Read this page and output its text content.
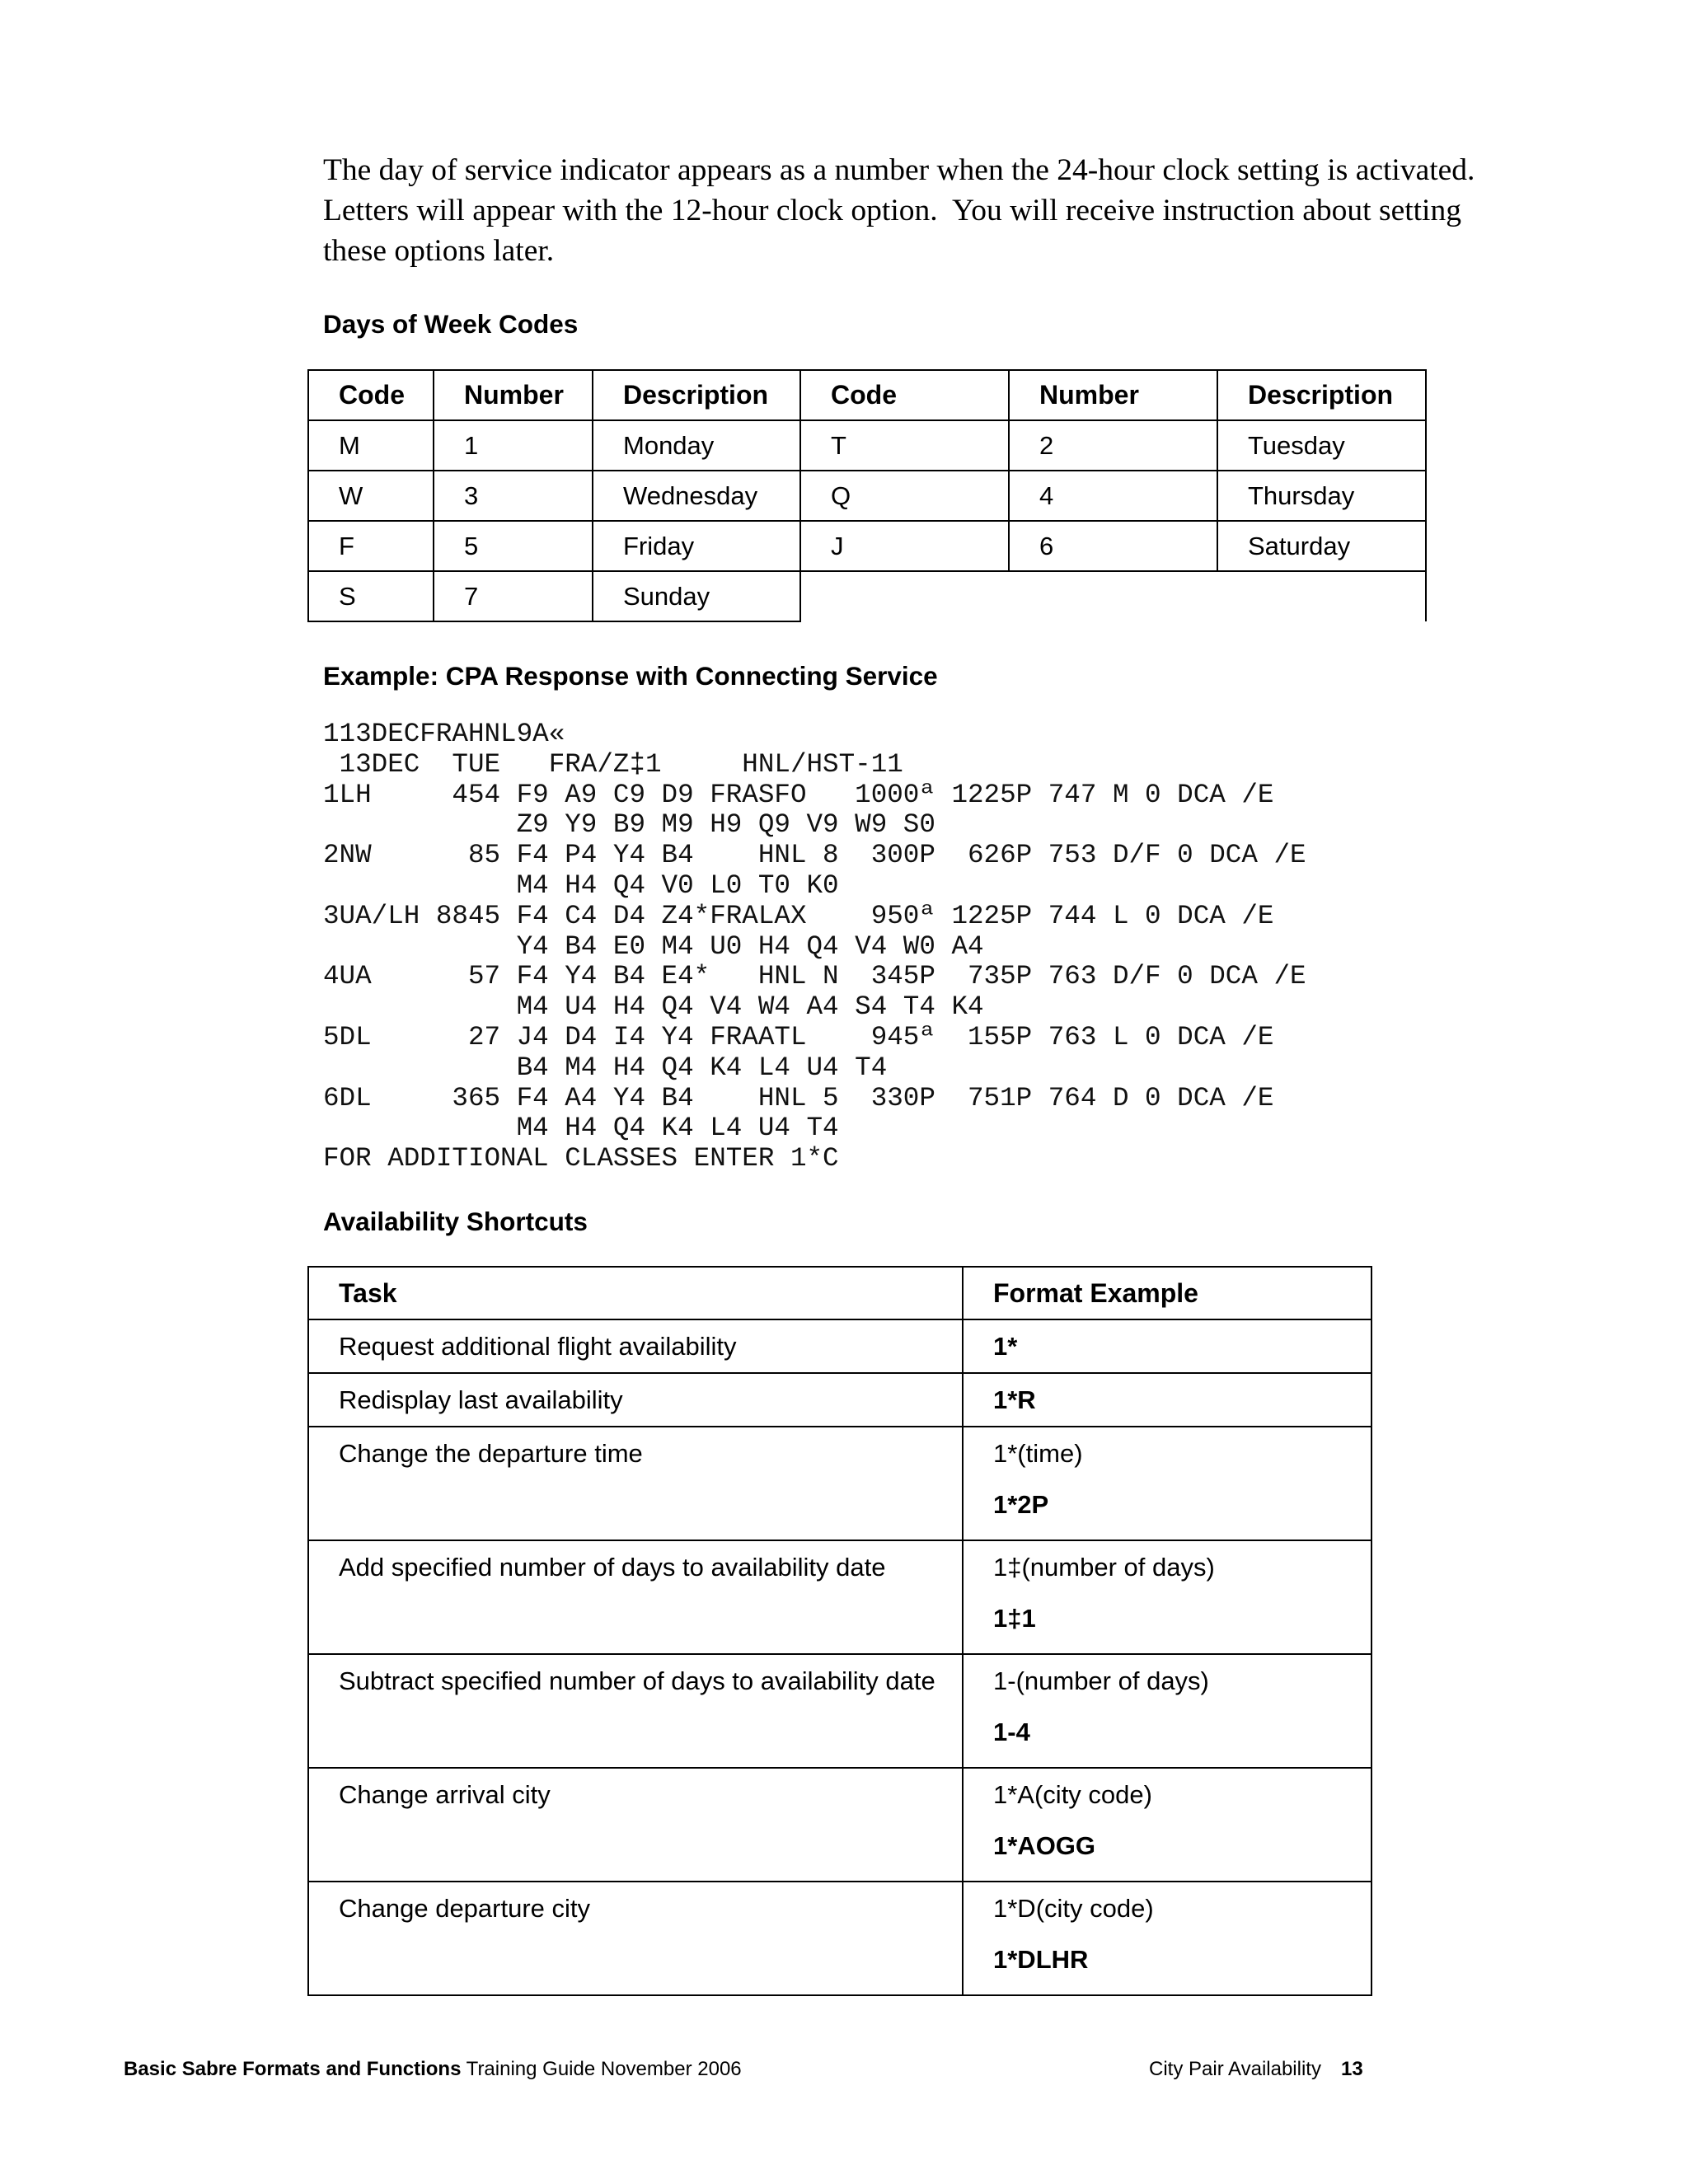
The day of service indicator appears as a number when the 24-hour clock setting is activated.
Letters will appear with the 12-hour clock option.  You will receive instruction about setting
these options later.
Days of Week Codes
Code	Number	Description	Code	Number	Description
M	1	Monday	T	2	Tuesday
W	3	Wednesday	Q	4	Thursday
F	5	Friday	J	6	Saturday
S	7	Sunday			
Example: CPA Response with Connecting Service
113DECFRAHNL9A«
13DEC  TUE   FRA/Z‡1     HNL/HST-11
1LH     454 F9 A9 C9 D9 FRASFO   1000ª 1225P 747 M 0 DCA /E
Z9 Y9 B9 M9 H9 Q9 V9 W9 S0
2NW      85 F4 P4 Y4 B4    HNL 8  300P  626P 753 D/F 0 DCA /E
M4 H4 Q4 V0 L0 T0 K0
3UA/LH 8845 F4 C4 D4 Z4*FRALAX    950ª 1225P 744 L 0 DCA /E
Y4 B4 E0 M4 U0 H4 Q4 V4 W0 A4
4UA      57 F4 Y4 B4 E4*   HNL N  345P  735P 763 D/F 0 DCA /E
M4 U4 H4 Q4 V4 W4 A4 S4 T4 K4
5DL      27 J4 D4 I4 Y4 FRAATL    945ª  155P 763 L 0 DCA /E
B4 M4 H4 Q4 K4 L4 U4 T4
6DL     365 F4 A4 Y4 B4    HNL 5  330P  751P 764 D 0 DCA /E
M4 H4 Q4 K4 L4 U4 T4
FOR ADDITIONAL CLASSES ENTER 1*C
Availability Shortcuts
Task	Format Example
Request additional flight availability	1*
Redisplay last availability	1*R
Change the departure time	1*(time)
1*2P

Add specified number of days to availability date	1‡(number of days)
1‡1

Subtract specified number of days to availability date	1-(number of days)
1-4

Change arrival city	1*A(city code)
1*AOGG

Change departure city	1*D(city code)
1*DLHR
Basic Sabre Formats and Functions Training Guide November 2006	City Pair Availability 13
